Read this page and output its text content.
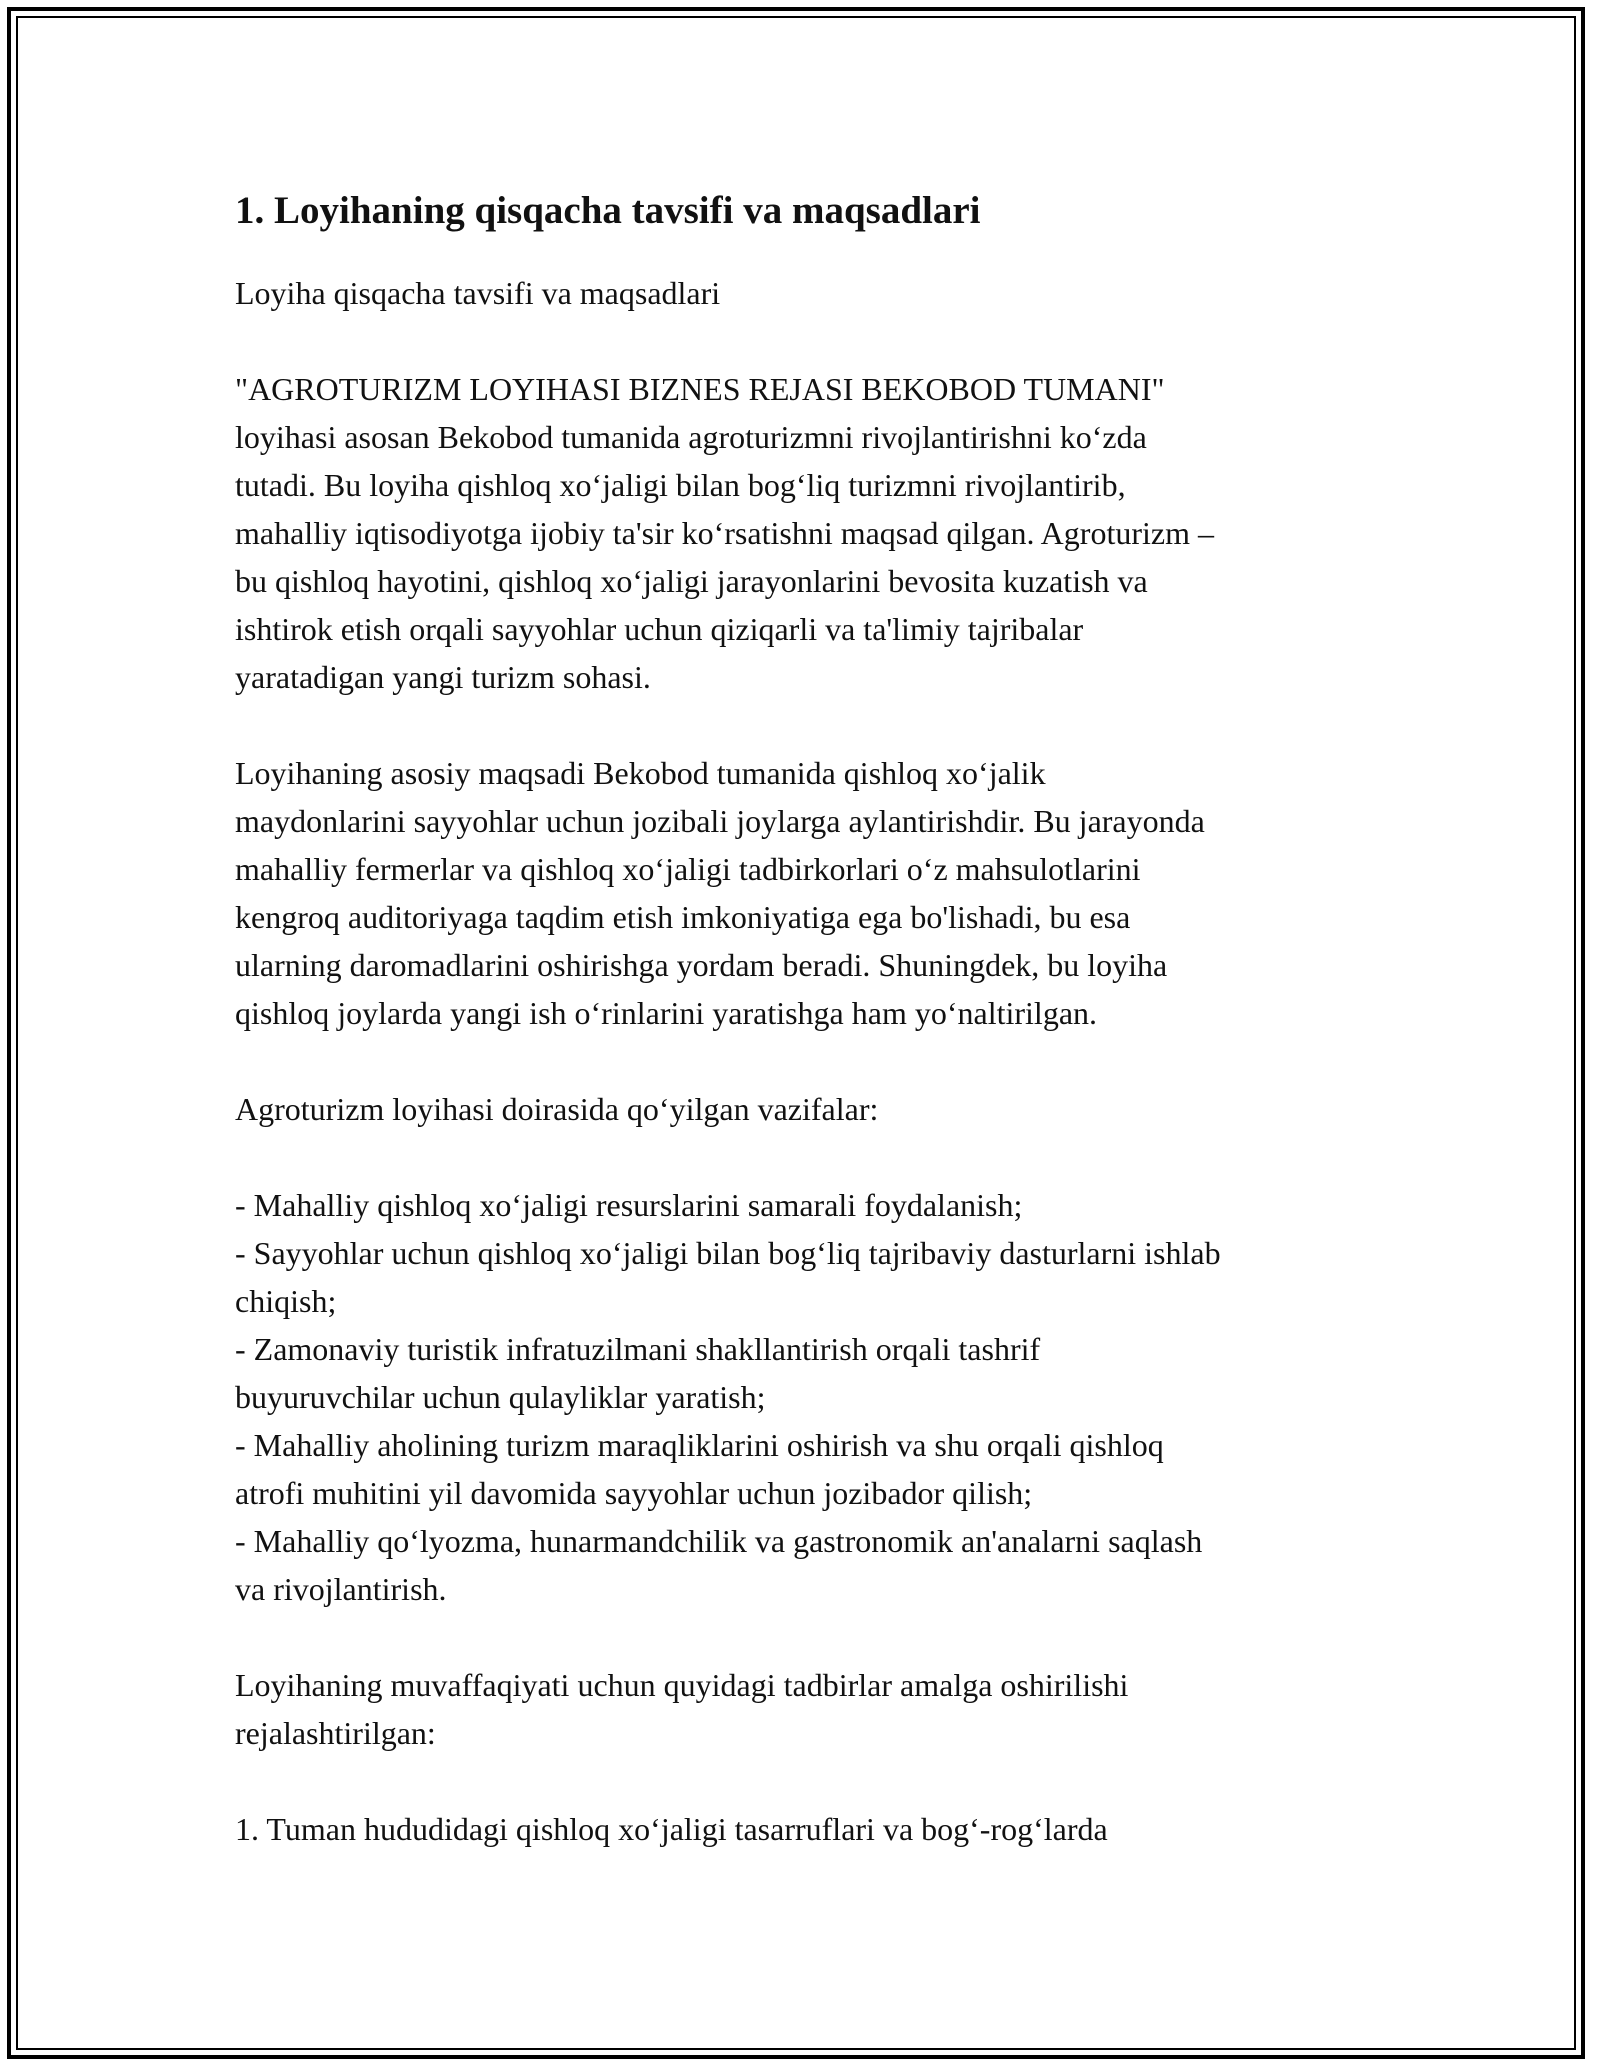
1. Loyihaning qisqacha tavsifi va maqsadlari

Loyiha qisqacha tavsifi va maqsadlari

"AGROTURIZM LOYIHASI BIZNES REJASI BEKOBOD TUMANI"
loyihasi asosan Bekobod tumanida agroturizmni rivojlantirishni ko‘zda
tutadi. Bu loyiha qishloq xo‘jaligi bilan bog‘liq turizmni rivojlantirib,
mahalliy iqtisodiyotga ijobiy ta'sir ko‘rsatishni maqsad qilgan. Agroturizm –
bu qishloq hayotini, qishloq xo‘jaligi jarayonlarini bevosita kuzatish va
ishtirok etish orqali sayyohlar uchun qiziqarli va ta'limiy tajribalar
yaratadigan yangi turizm sohasi.

Loyihaning asosiy maqsadi Bekobod tumanida qishloq xo‘jalik
maydonlarini sayyohlar uchun jozibali joylarga aylantirishdir. Bu jarayonda
mahalliy fermerlar va qishloq xo‘jaligi tadbirkorlari o‘z mahsulotlarini
kengroq auditoriyaga taqdim etish imkoniyatiga ega bo'lishadi, bu esa
ularning daromadlarini oshirishga yordam beradi. Shuningdek, bu loyiha
qishloq joylarda yangi ish o‘rinlarini yaratishga ham yo‘naltirilgan.

Agroturizm loyihasi doirasida qo‘yilgan vazifalar:

- Mahalliy qishloq xo‘jaligi resurslarini samarali foydalanish;
- Sayyohlar uchun qishloq xo‘jaligi bilan bog‘liq tajribaviy dasturlarni ishlab
chiqish;
- Zamonaviy turistik infratuzilmani shakllantirish orqali tashrif
buyuruvchilar uchun qulayliklar yaratish;
- Mahalliy aholining turizm maraqliklarini oshirish va shu orqali qishloq
atrofi muhitini yil davomida sayyohlar uchun jozibador qilish;
- Mahalliy qo‘lyozma, hunarmandchilik va gastronomik an'analarni saqlash
va rivojlantirish.

Loyihaning muvaffaqiyati uchun quyidagi tadbirlar amalga oshirilishi
rejalashtirilgan:

1. Tuman hududidagi qishloq xo‘jaligi tasarruflari va bog‘-rog‘larda
